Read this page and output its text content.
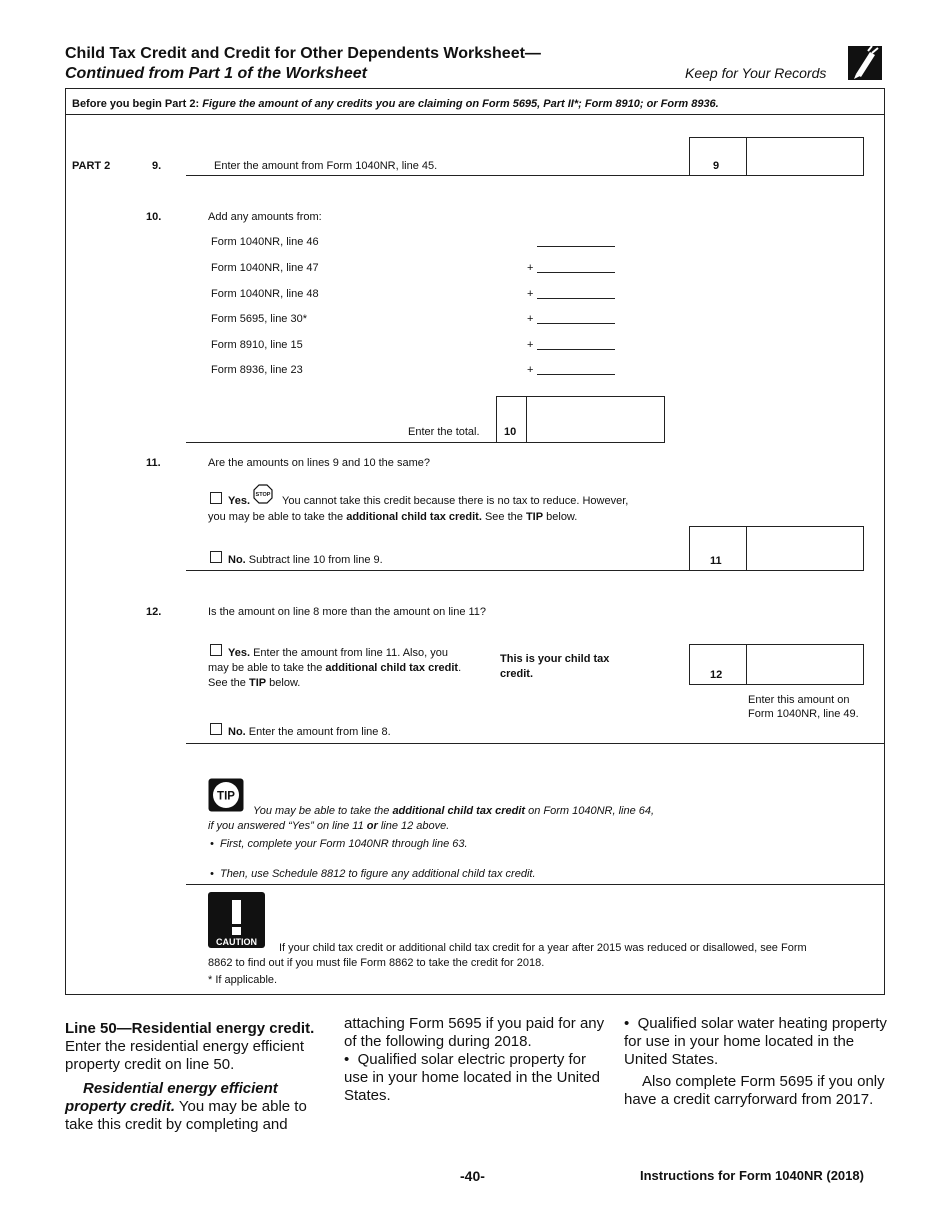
Child Tax Credit and Credit for Other Dependents Worksheet—
Continued from Part 1 of the Worksheet	Keep for Your Records
Before you begin Part 2: Figure the amount of any credits you are claiming on Form 5695, Part II*; Form 8910; or Form 8936.
PART 2	9.	Enter the amount from Form 1040NR, line 45.	9
10.	Add any amounts from:
Form 1040NR, line 46
Form 1040NR, line 47	+
Form 1040NR, line 48	+
Form 5695, line 30*	+
Form 8910, line 15	+
Form 8936, line 23	+
Enter the total. 10
11.	Are the amounts on lines 9 and 10 the same?
Yes. STOP You cannot take this credit because there is no tax to reduce. However,
you may be able to take the additional child tax credit. See the TIP below.
No. Subtract line 10 from line 9.	11
12.	Is the amount on line 8 more than the amount on line 11?
Yes. Enter the amount from line 11. Also, you
may be able to take the additional child tax credit.
See the TIP below.
This is your child tax
credit.	12
Enter this amount on
Form 1040NR, line 49.
No. Enter the amount from line 8.
TIP
You may be able to take the additional child tax credit on Form 1040NR, line 64,
if you answered “Yes” on line 11 or line 12 above.
•  First, complete your Form 1040NR through line 63.
•  Then, use Schedule 8812 to figure any additional child tax credit.
CAUTION If your child tax credit or additional child tax credit for a year after 2015 was reduced or disallowed, see Form
8862 to find out if you must file Form 8862 to take the credit for 2018.
* If applicable.
Line 50—Residential energy credit. Enter the residential energy efficient property credit on line 50.
Residential energy efficient property credit. You may be able to take this credit by completing and
attaching Form 5695 if you paid for any of the following during 2018.
•  Qualified solar electric property for use in your home located in the United States.
•  Qualified solar water heating property for use in your home located in the United States.
Also complete Form 5695 if you only have a credit carryforward from 2017.
-40-	Instructions for Form 1040NR (2018)
